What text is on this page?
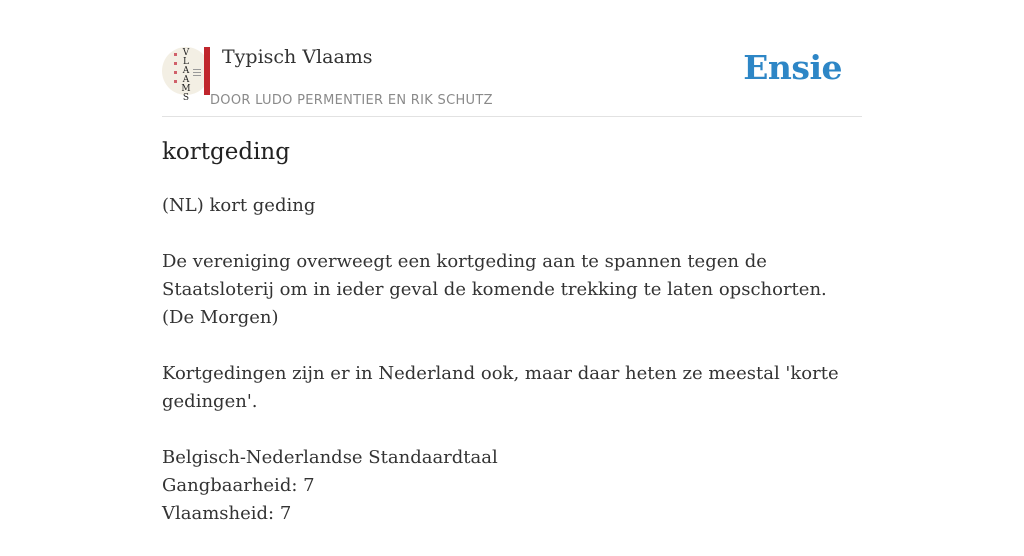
V
L
A
A
M
S
Typisch Vlaams
DOOR LUDO PERMENTIER EN RIK SCHUTZ
Ensie
kortgeding

(NL) kort geding

De vereniging overweegt een kortgeding aan te spannen tegen de Staatsloterij om in ieder geval de komende trekking te laten opschorten.
(De Morgen)

Kortgedingen zijn er in Nederland ook, maar daar heten ze meestal 'korte gedingen'.

Belgisch-Nederlandse Standaardtaal
Gangbaarheid: 7
Vlaamsheid: 7
